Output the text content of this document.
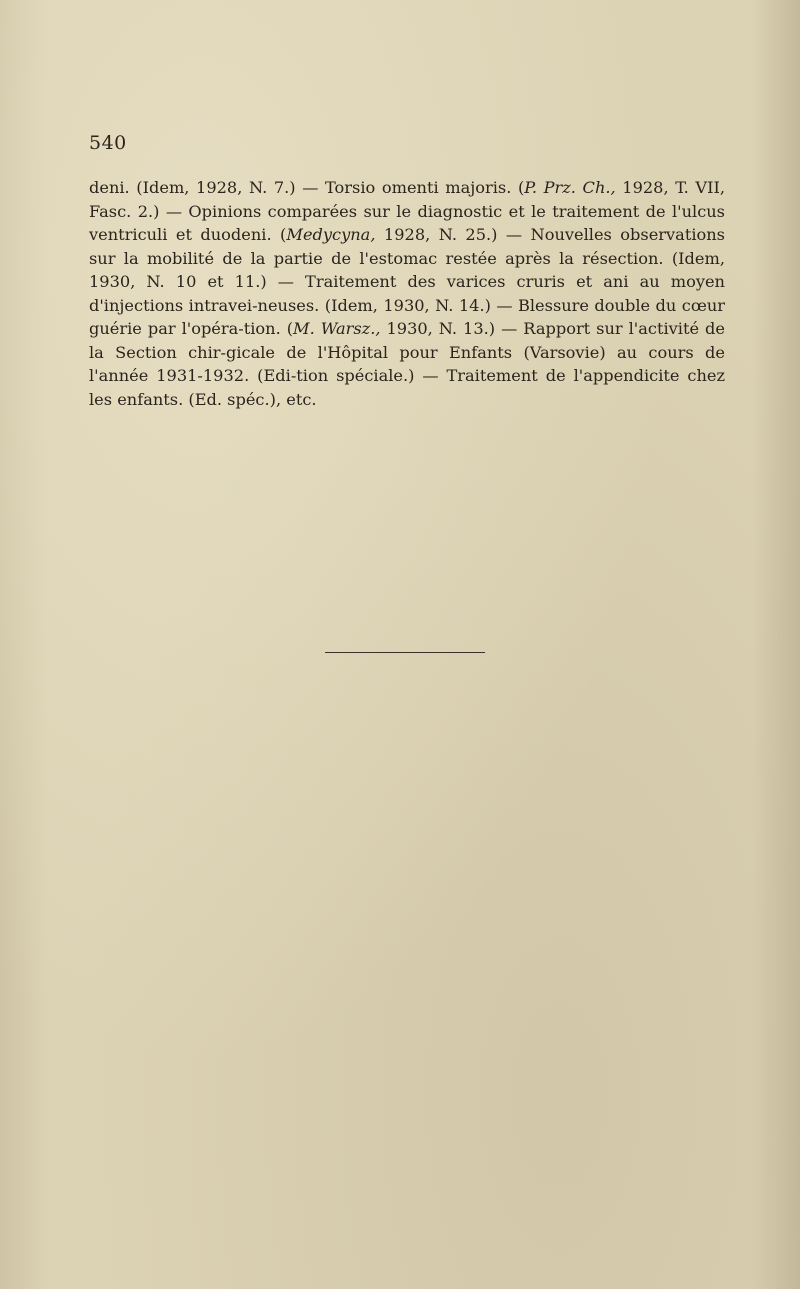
540

deni. (Idem, 1928, N. 7.) — Torsio omenti majoris. (P. Prz. Ch., 1928, T. VII, Fasc. 2.) — Opinions comparées sur le diagnostic et le traitement de l'ulcus ventriculi et duodeni. (Medycyna, 1928, N. 25.) — Nouvelles observations sur la mobilité de la partie de l'estomac restée après la résection. (Idem, 1930, N. 10 et 11.) — Traitement des varices cruris et ani au moyen d'injections intravei-neuses. (Idem, 1930, N. 14.) — Blessure double du cœur guérie par l'opéra-tion. (M. Warsz., 1930, N. 13.) — Rapport sur l'activité de la Section chir-gicale de l'Hôpital pour Enfants (Varsovie) au cours de l'année 1931-1932. (Edi-tion spéciale.) — Traitement de l'appendicite chez les enfants. (Ed. spéc.), etc.
